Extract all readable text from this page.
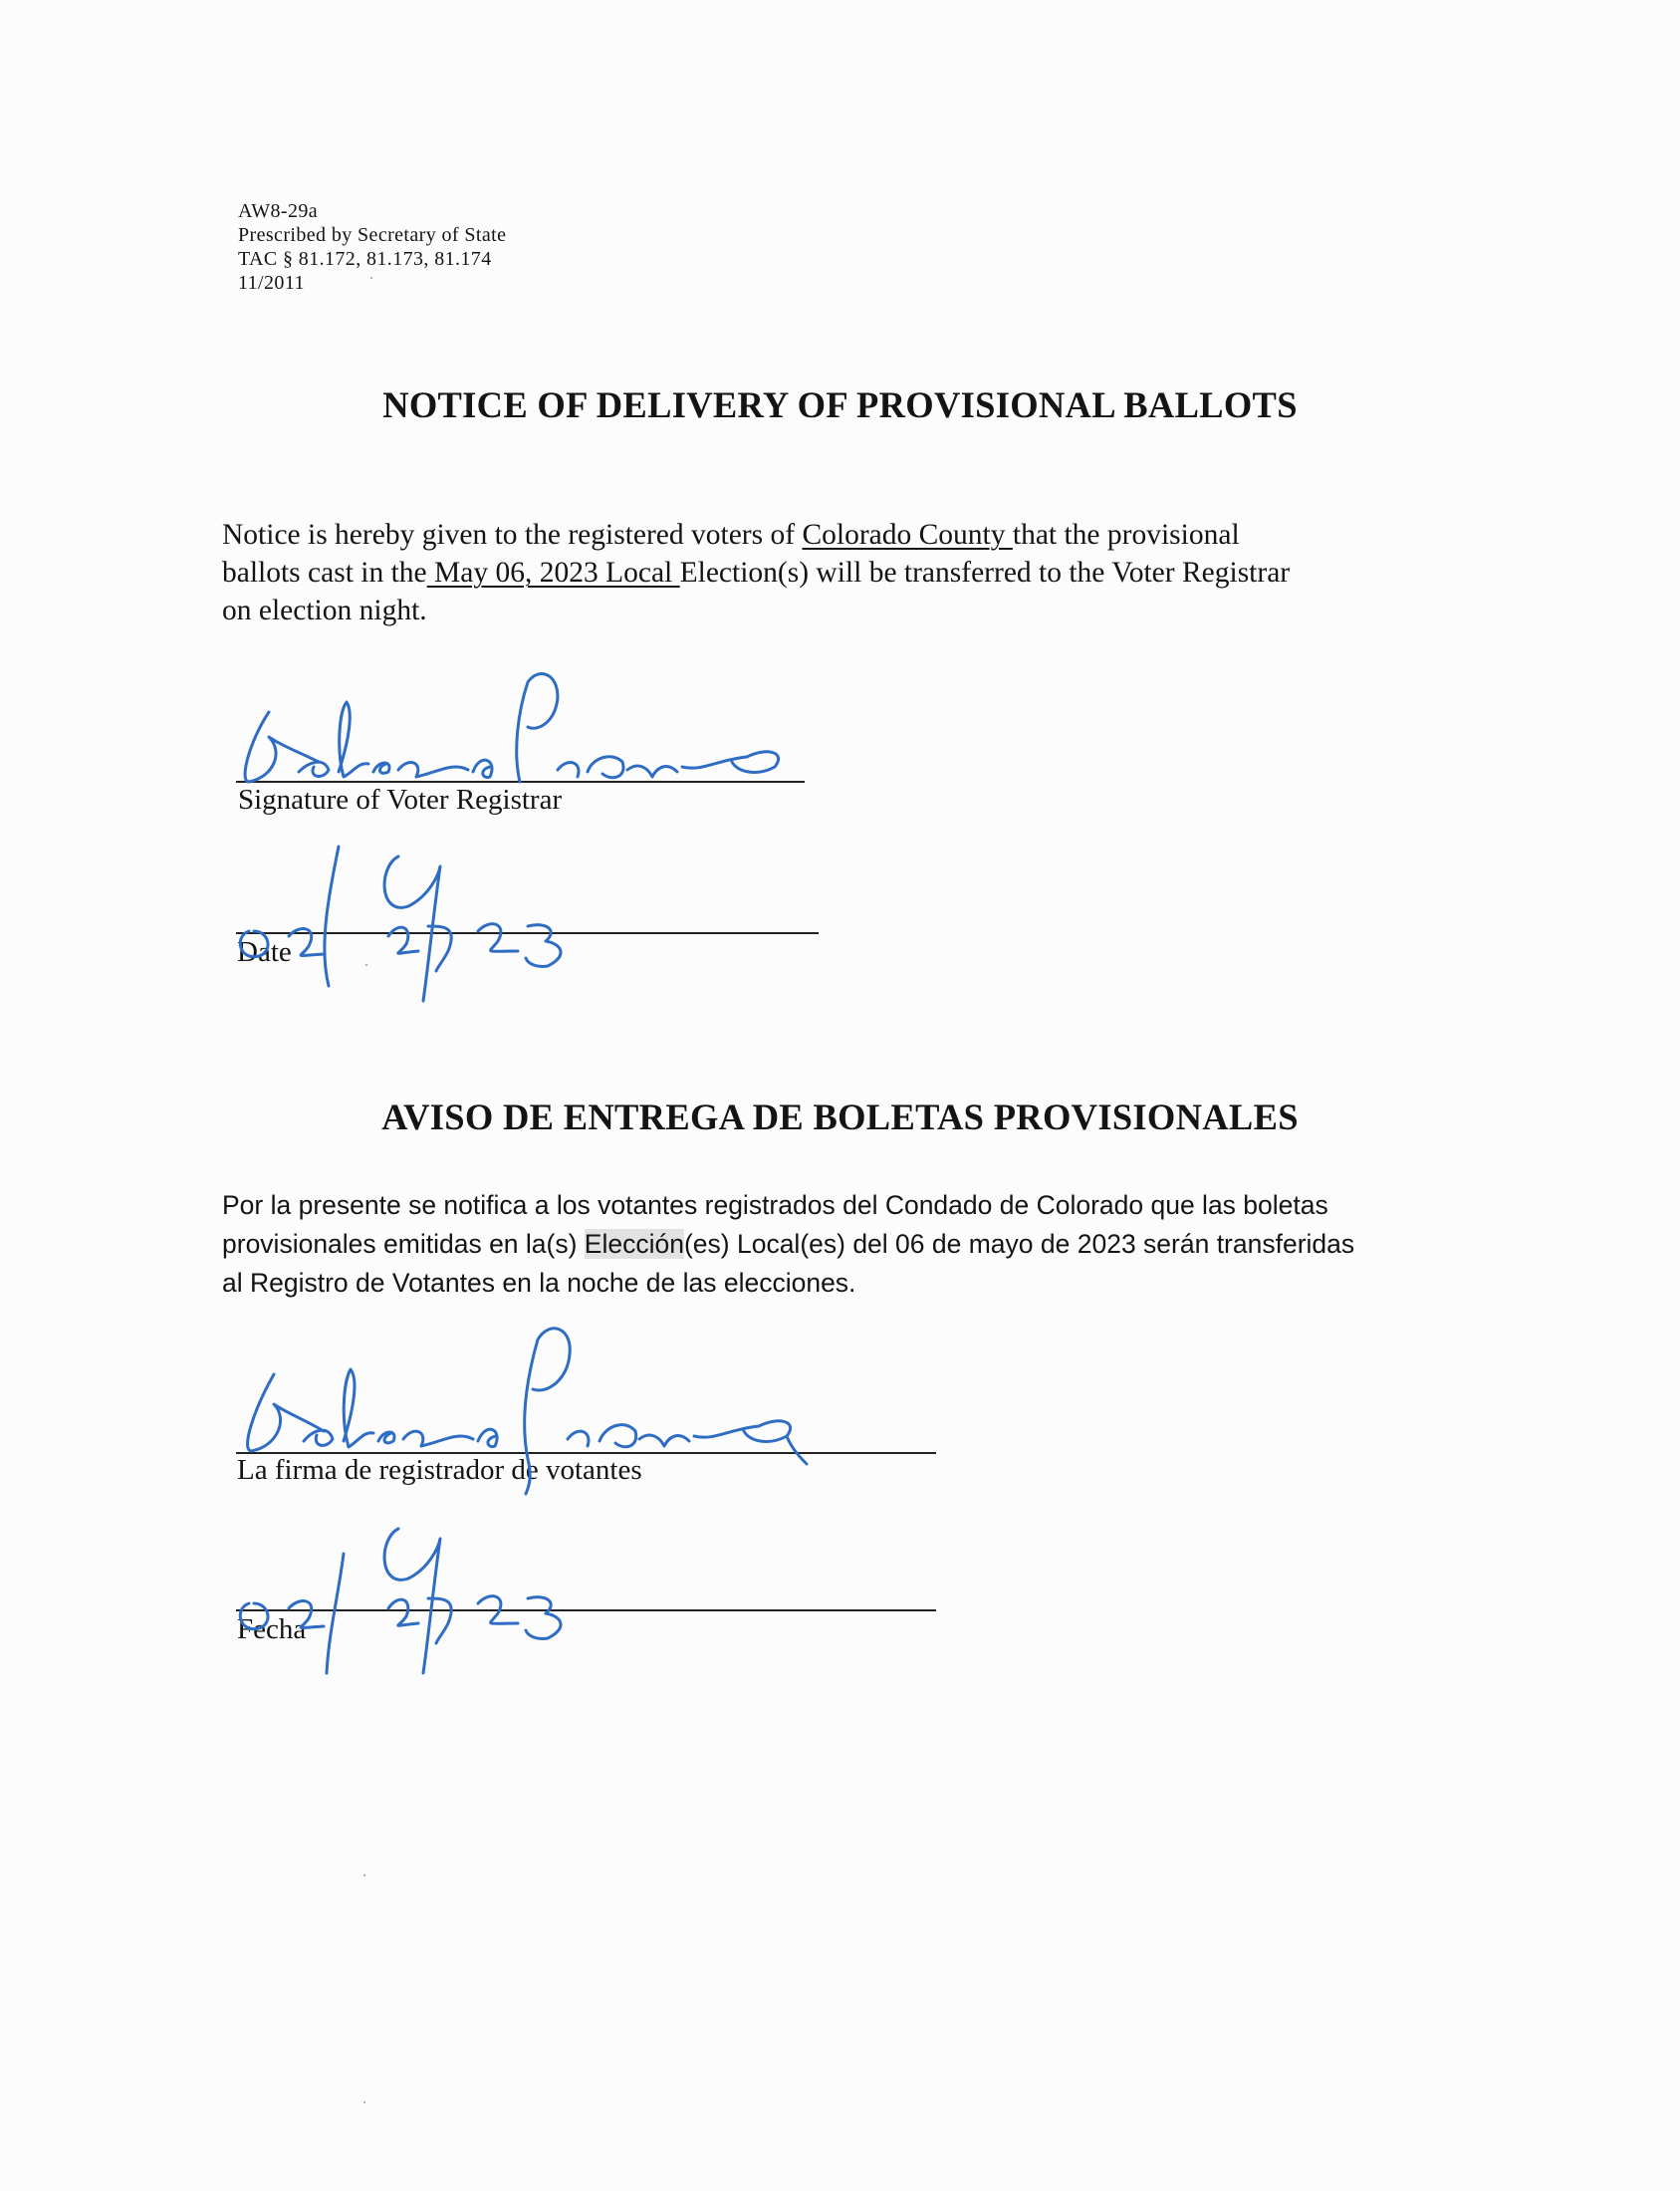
AW8-29a
Prescribed by Secretary of State
TAC § 81.172, 81.173, 81.174
11/2011
NOTICE OF DELIVERY OF PROVISIONAL BALLOTS
Notice is hereby given to the registered voters of Colorado County that the provisional
ballots cast in the May 06, 2023 Local Election(s) will be transferred to the Voter Registrar
on election night.
Signature of Voter Registrar
Date
AVISO DE ENTREGA DE BOLETAS PROVISIONALES
Por la presente se notifica a los votantes registrados del Condado de Colorado que las boletas
provisionales emitidas en la(s) Elección(es) Local(es) del 06 de mayo de 2023 serán transferidas
al Registro de Votantes en la noche de las elecciones.
La firma de registrador de votantes
Fecha
